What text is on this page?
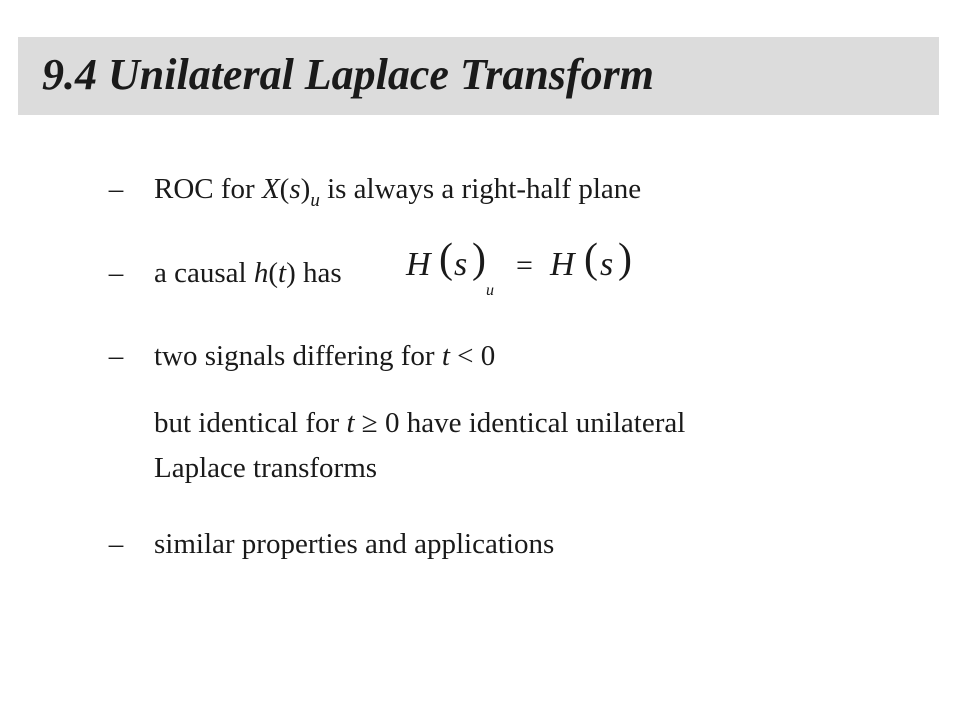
9.4 Unilateral Laplace Transform
– ROC for $X(s)_u$ is always a right-half plane
– a causal h(t) has H ( s )
u
= H ( s )
– two signals differing for t < 0
but identical for t ≥ 0 have identical unilateral
Laplace transforms
– similar properties and applications
